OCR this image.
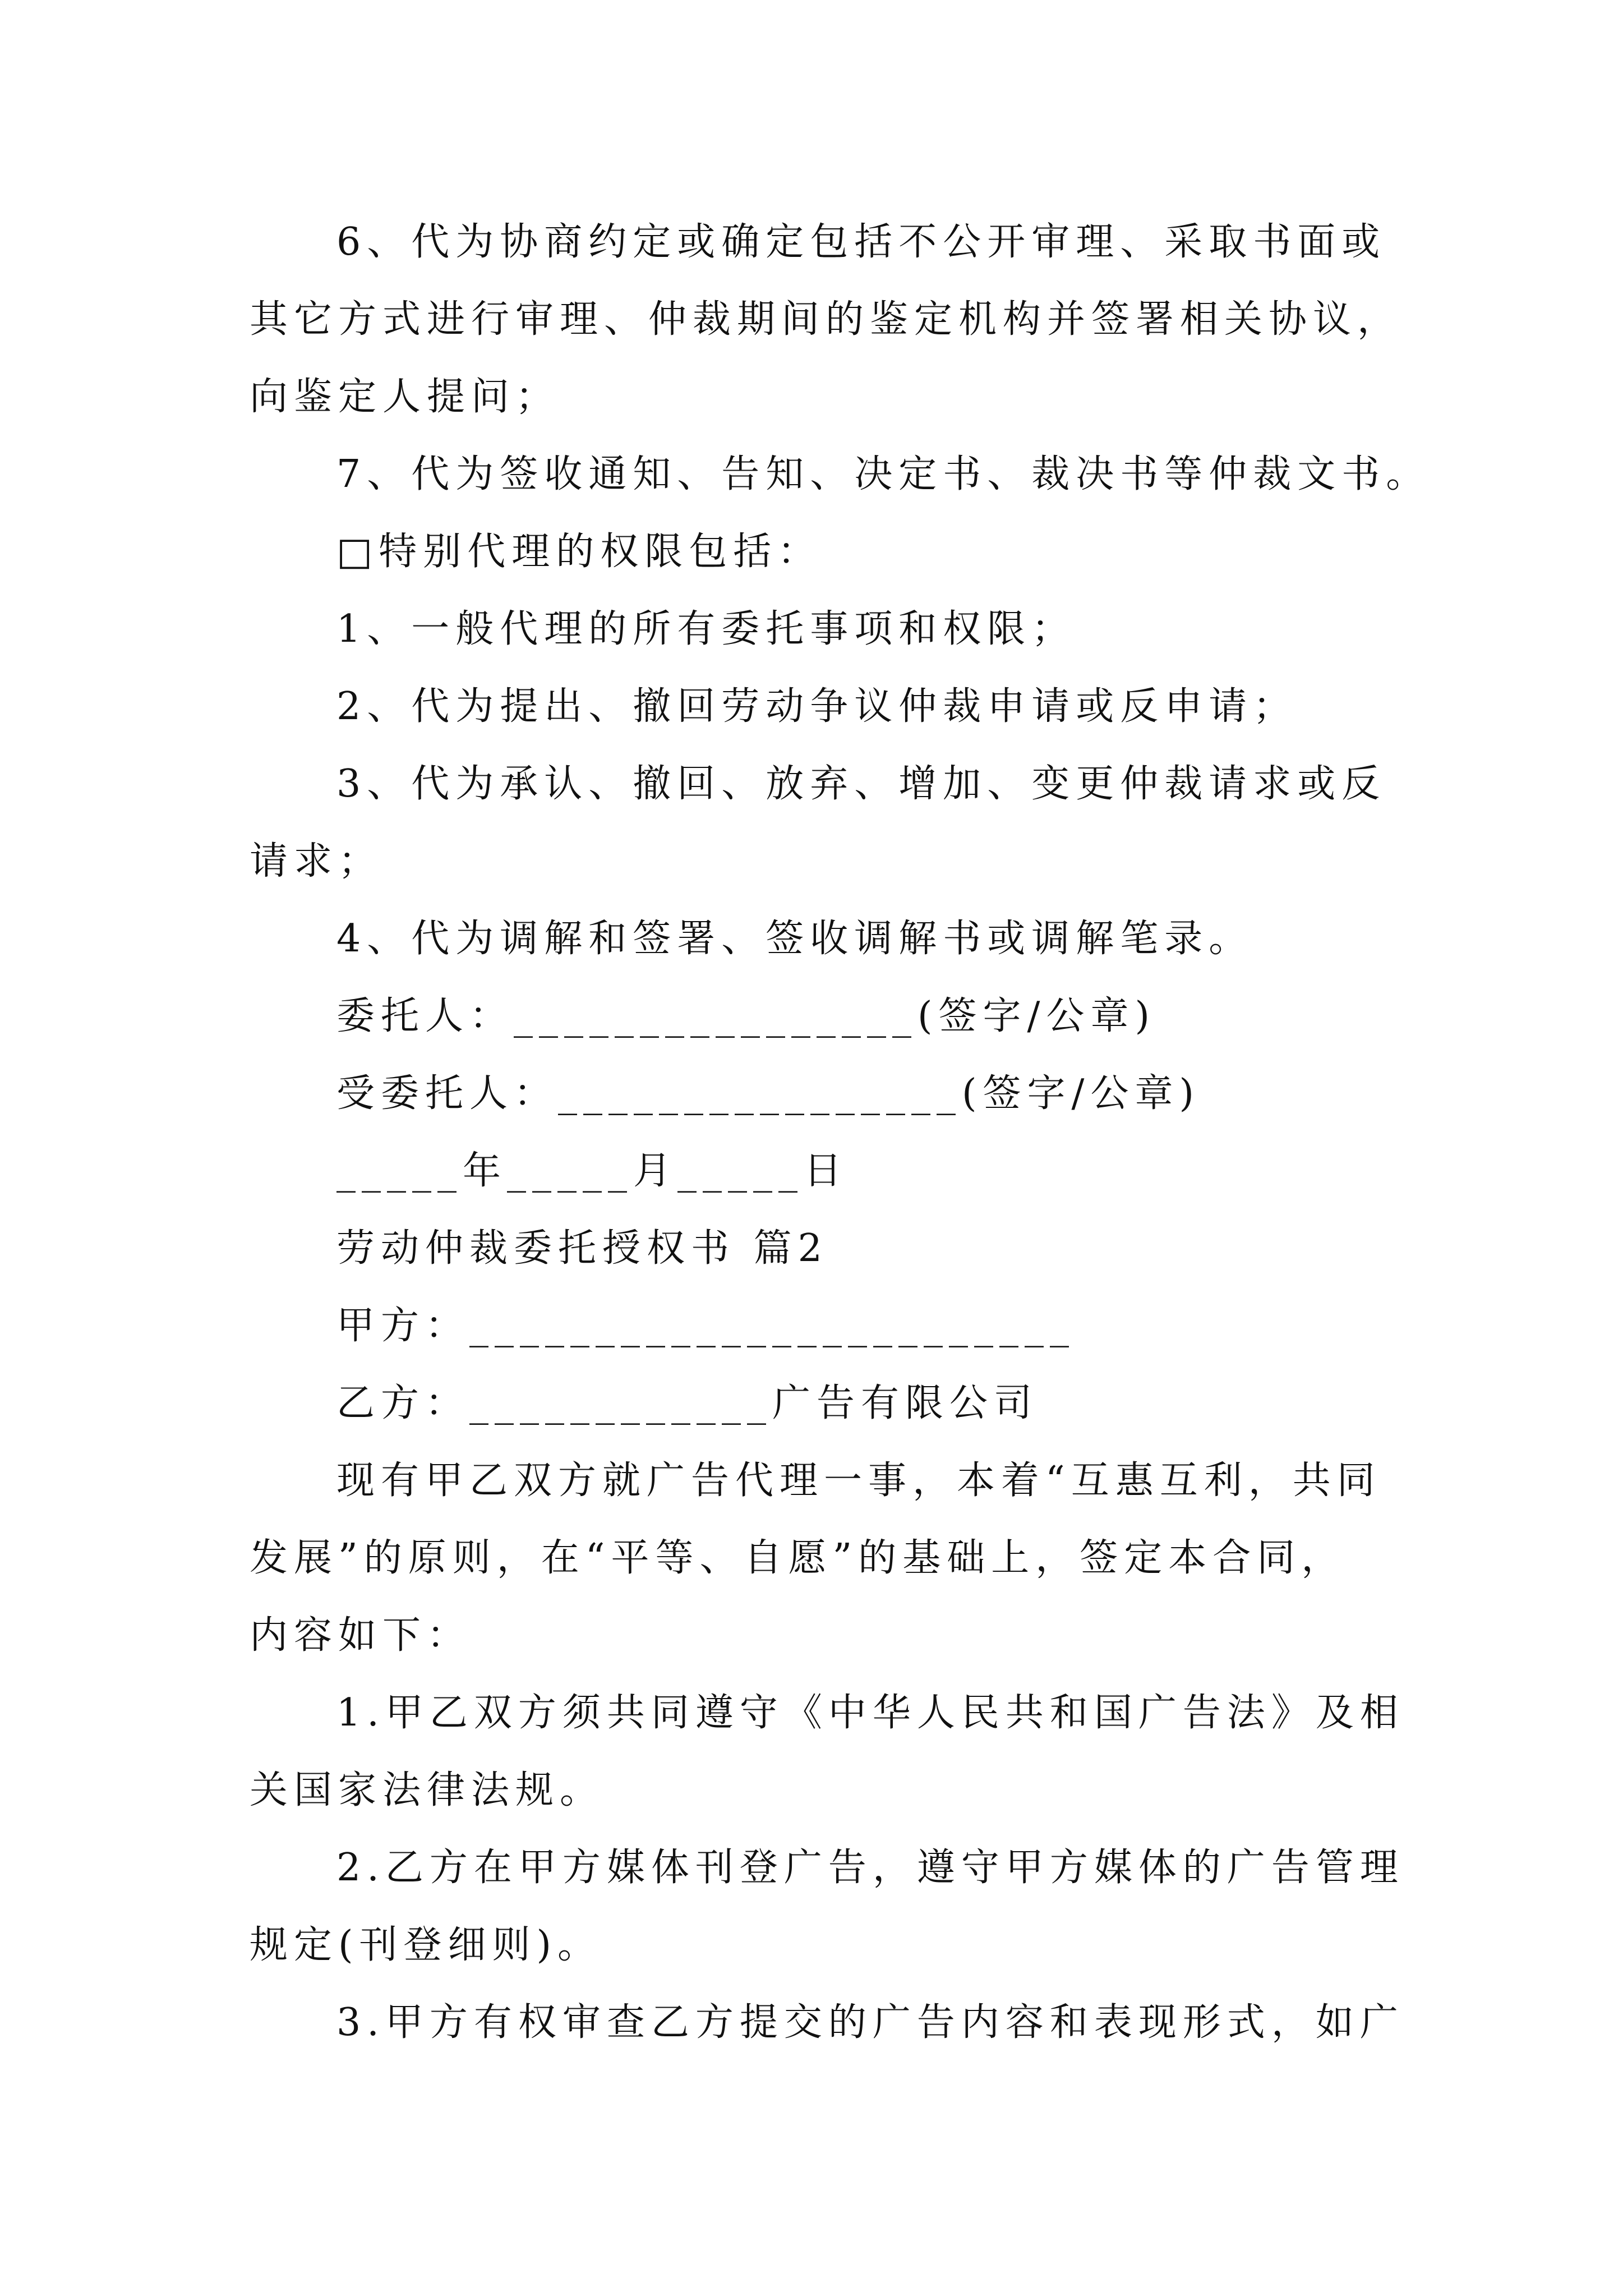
6、代为协商约定或确定包括不公开审理、采取书面或
其它方式进行审理、仲裁期间的鉴定机构并签署相关协议，
向鉴定人提问；
7、代为签收通知、告知、决定书、裁决书等仲裁文书。
□特别代理的权限包括：
1、一般代理的所有委托事项和权限；
2、代为提出、撤回劳动争议仲裁申请或反申请；
3、代为承认、撤回、放弃、增加、变更仲裁请求或反
请求；
4、代为调解和签署、签收调解书或调解笔录。
委托人：________________(签字/公章)
受委托人：________________(签字/公章)
_____年_____月_____日
劳动仲裁委托授权书 篇2
甲方：________________________
乙方：____________广告有限公司
现有甲乙双方就广告代理一事，本着“互惠互利，共同
发展”的原则，在“平等、自愿”的基础上，签定本合同，
内容如下：
1.甲乙双方须共同遵守《中华人民共和国广告法》及相
关国家法律法规。
2.乙方在甲方媒体刊登广告，遵守甲方媒体的广告管理
规定(刊登细则)。
3.甲方有权审查乙方提交的广告内容和表现形式，如广
